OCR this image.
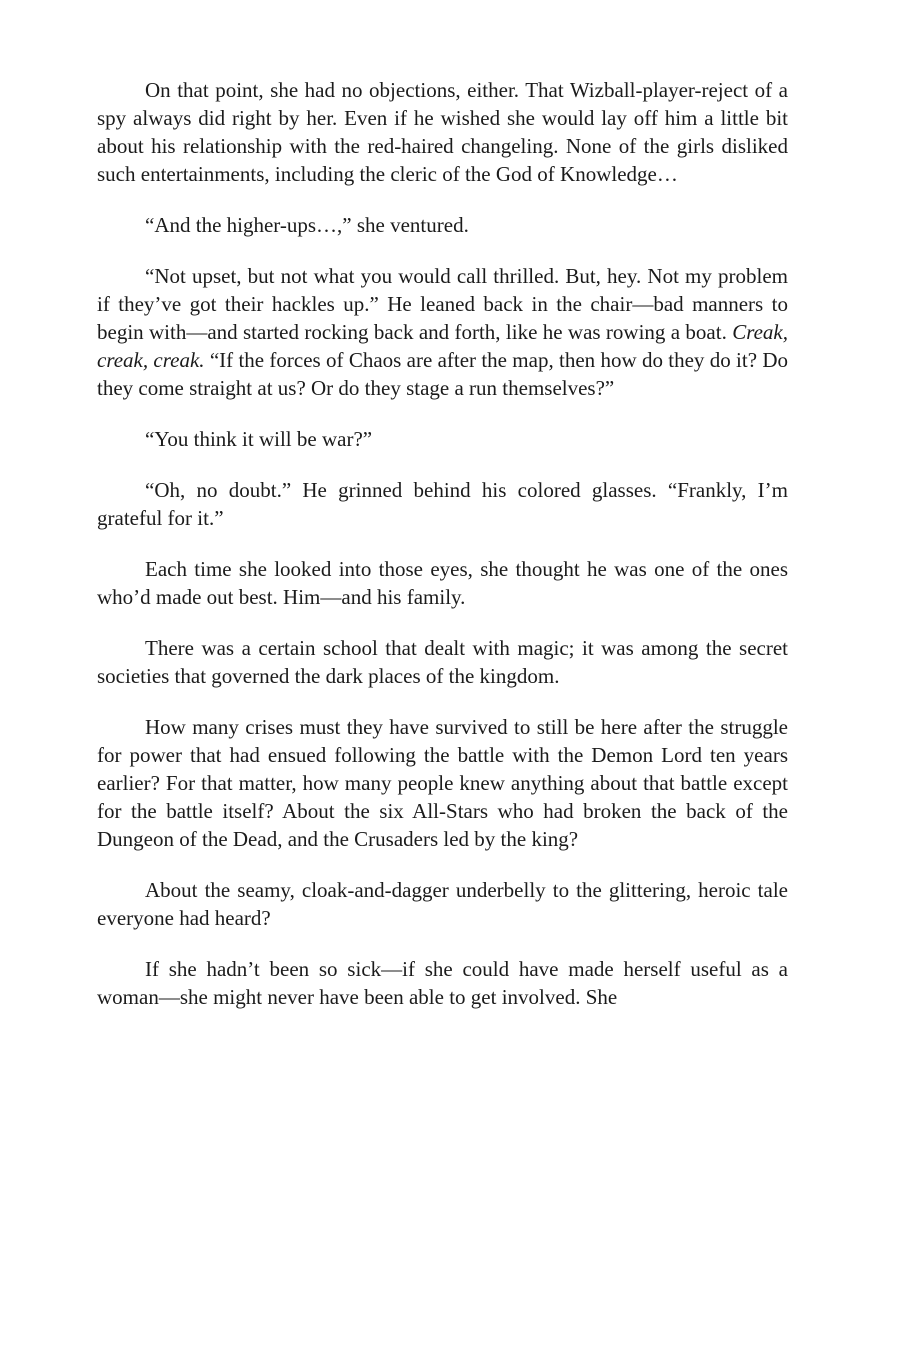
On that point, she had no objections, either. That Wizball-player-reject of a spy always did right by her. Even if he wished she would lay off him a little bit about his relationship with the red-haired changeling. None of the girls disliked such entertainments, including the cleric of the God of Knowledge…

“And the higher-ups…,” she ventured.

“Not upset, but not what you would call thrilled. But, hey. Not my problem if they’ve got their hackles up.” He leaned back in the chair—bad manners to begin with—and started rocking back and forth, like he was rowing a boat. Creak, creak, creak. “If the forces of Chaos are after the map, then how do they do it? Do they come straight at us? Or do they stage a run themselves?”

“You think it will be war?”

“Oh, no doubt.” He grinned behind his colored glasses. “Frankly, I’m grateful for it.”

Each time she looked into those eyes, she thought he was one of the ones who’d made out best. Him—and his family.

There was a certain school that dealt with magic; it was among the secret societies that governed the dark places of the kingdom.

How many crises must they have survived to still be here after the struggle for power that had ensued following the battle with the Demon Lord ten years earlier? For that matter, how many people knew anything about that battle except for the battle itself? About the six All-Stars who had broken the back of the Dungeon of the Dead, and the Crusaders led by the king?

About the seamy, cloak-and-dagger underbelly to the glittering, heroic tale everyone had heard?

If she hadn’t been so sick—if she could have made herself useful as a woman—she might never have been able to get involved. She
